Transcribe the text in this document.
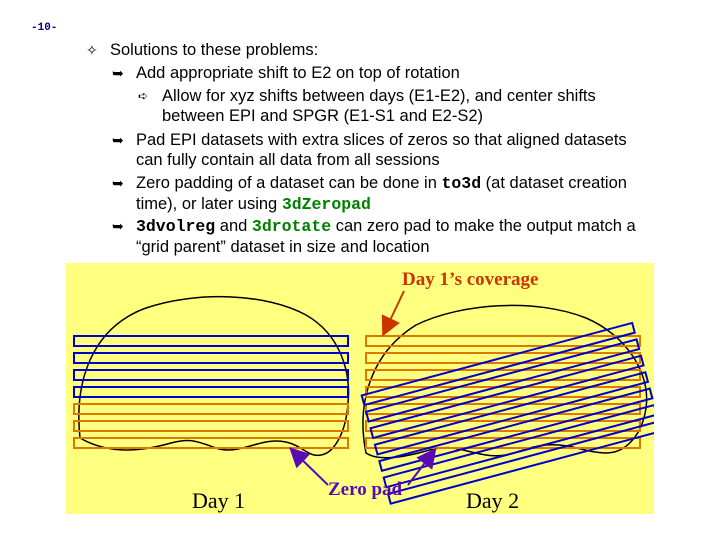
-10-
✧ Solutions to these problems:
➥ Add appropriate shift to E2 on top of rotation
➪ Allow for xyz shifts between days (E1-E2), and center shifts
between EPI and SPGR (E1-S1 and E2-S2)
➥ Pad EPI datasets with extra slices of zeros so that aligned datasets
can fully contain all data from all sessions
➥ Zero padding of a dataset can be done in to3d (at dataset creation
time), or later using 3dZeropad
➥ 3dvolreg and 3drotate can zero pad to make the output match a
“grid parent” dataset in size and location
Day 1’s coverage
Zero pad
Day 1	Day 2
